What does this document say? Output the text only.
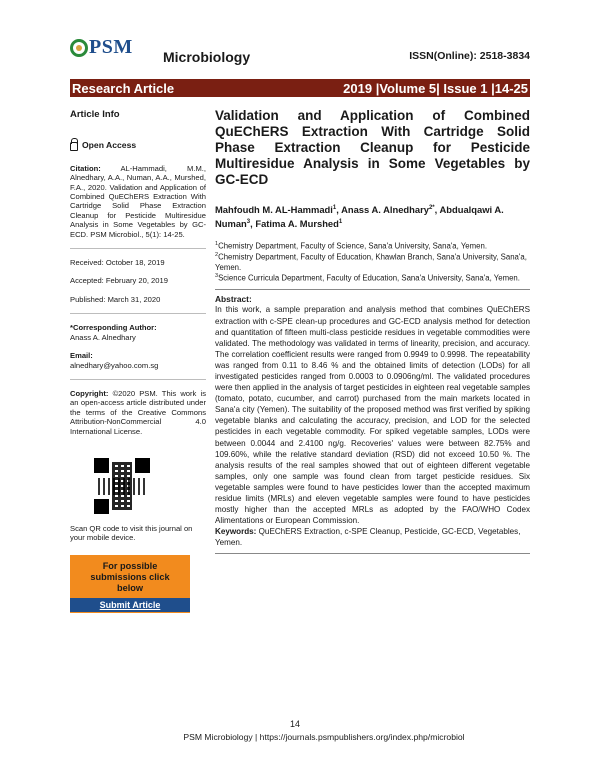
PSM Microbiology	ISSN(Online): 2518-3834
Research Article	2019 |Volume 5| Issue 1 |14-25
Article Info
Open Access
Citation:	AL-Hammadi, M.M., Alnedhary, A.A., Numan, A.A., Murshed, F.A., 2020. Validation and Application of Combined QuEChERS Extraction With Cartridge Solid Phase Extraction Cleanup for Pesticide Multiresidue Analysis in Some Vegetables by GC-ECD. PSM Microbiol., 5(1): 14-25.
Received: October 18, 2019
Accepted: February 20, 2019
Published: March 31, 2020
*Corresponding Author:
Anass A. Alnedhary
Email:
alnedhary@yahoo.com.sg
Copyright: ©2020 PSM. This work is an open-access article distributed under the terms of the Creative Commons Attribution-NonCommercial 4.0 International License.
Scan QR code to visit this journal on your mobile device.
For possible
submissions click
below
Submit Article
Validation and Application of Combined QuEChERS Extraction With Cartridge Solid Phase Extraction Cleanup for Pesticide Multiresidue Analysis in Some Vegetables by GC-ECD
Mahfoudh M. AL-Hammadi$^1$, Anass A. Alnedhary$^{2*}$, Abdualqawi A. Numan$^3$, Fatima A. Murshed$^1$
$^1$Chemistry Department, Faculty of Science, Sana'a University, Sana'a, Yemen.
$^2$Chemistry Department, Faculty of Education, Khawlan Branch, Sana'a University, Sana'a, Yemen.
$^3$Science Curricula Department, Faculty of Education, Sana'a University, Sana'a, Yemen.
Abstract:
In this work, a sample preparation and analysis method that combines QuEChERS extraction with c-SPE clean-up procedures and GC-ECD analysis method for detection and quantitation of fifteen multi-class pesticide residues in vegetable commodities were validated. The methodology was validated in terms of linearity, precision, and accuracy. The correlation coefficient results were ranged from 0.9949 to 0.9998. The repeatability was ranged from 0.11 to 8.46 % and the obtained limits of detection (LODs) for all investigated pesticides ranged from 0.0003 to 0.0906ng/ml. The validated procedures were then applied in the analysis of target pesticides in eighteen real vegetable samples (tomato, potato, cucumber, and carrot) purchased from the main markets located in Sana'a city (Yemen). The suitability of the proposed method was first verified by spiking vegetable blanks and calculating the accuracy, precision, and LOD for the selected pesticides in each vegetable commodity. For spiked vegetable samples, LODs were between 0.0044 and 2.4100 ng/g. Recoveries' values were between 82.75% and 109.60%, while the relative standard deviation (RSD) did not exceed 10.50 %. The analysis results of the real samples showed that out of eighteen different vegetable samples, only one sample was found clean from target pesticide residues. Six vegetable samples were found to have pesticides lower than the accepted maximum residue limits (MRLs) and eleven vegetable samples were found to have pesticides mostly higher than the accepted MRLs as adopted by the FAO/WHO Codex Alimentations or European Commission.
Keywords: QuEChERS Extraction, c-SPE Cleanup, Pesticide, GC-ECD, Vegetables, Yemen.
14
PSM Microbiology | https://journals.psmpublishers.org/index.php/microbiol
